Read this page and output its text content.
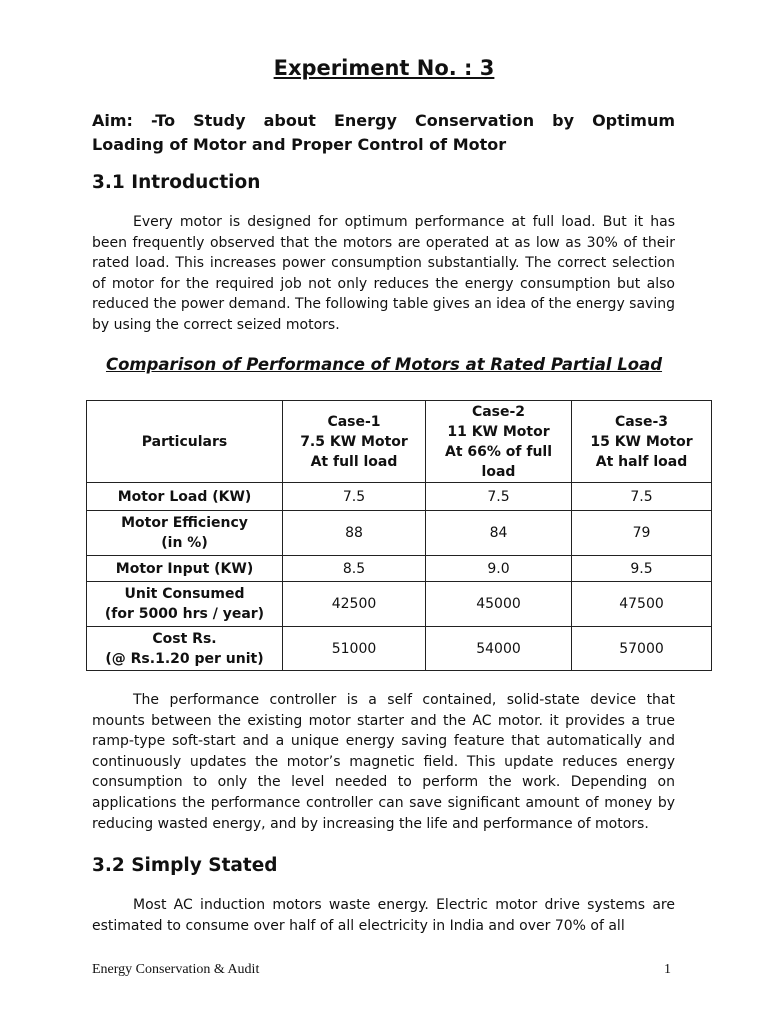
Experiment No. : 3
Aim: -To Study about Energy Conservation by Optimum
Loading of Motor and Proper Control of Motor
3.1 Introduction

Every motor is designed for optimum performance at full load. But it has been frequently observed that the motors are operated at as low as 30% of their rated load. This increases power consumption substantially. The correct selection of motor for the required job not only reduces the energy consumption but also reduced the power demand. The following table gives an idea of the energy saving by using the correct seized motors.

Comparison of Performance of Motors at Rated Partial Load
Particulars	Case-1
7.5 KW Motor
At full load	Case-2
11 KW Motor
At 66% of full
load	Case-3
15 KW Motor
At half load
Motor Load (KW)	7.5	7.5	7.5
Motor Efficiency
(in %)	88	84	79
Motor Input (KW)	8.5	9.0	9.5
Unit Consumed
(for 5000 hrs / year)	42500	45000	47500
Cost Rs.
(@ Rs.1.20 per unit)	51000	54000	57000

The performance controller is a self contained, solid-state device that mounts between the existing motor starter and the AC motor. it provides a true ramp-type soft-start and a unique energy saving feature that automatically and continuously updates the motor’s magnetic field. This update reduces energy consumption to only the level needed to perform the work. Depending on applications the performance controller can save significant amount of money by reducing wasted energy, and by increasing the life and performance of motors.

3.2 Simply Stated

Most AC induction motors waste energy. Electric motor drive systems are estimated to consume over half of all electricity in India and over 70% of all

Energy Conservation & Audit	1
